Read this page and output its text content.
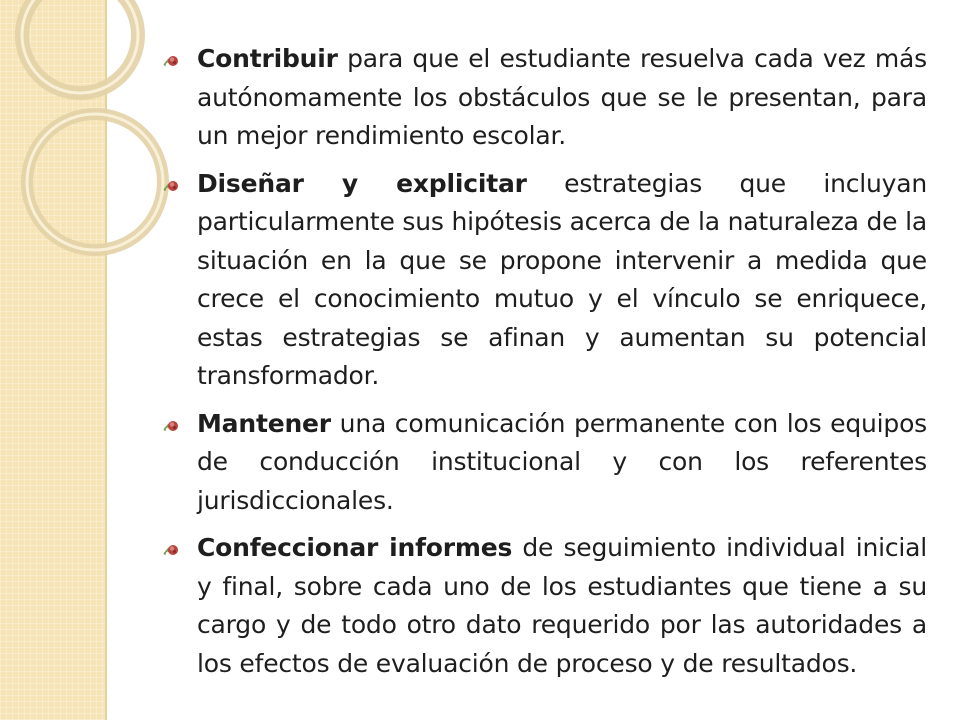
Contribuir para que el estudiante resuelva cada vez más autónomamente los obstáculos que se le presentan, para un mejor rendimiento escolar.
Diseñar y explicitar estrategias que incluyan particularmente sus hipótesis acerca de la naturaleza de la situación en la que se propone intervenir a medida que crece el conocimiento mutuo y el vínculo se enriquece, estas estrategias se afinan y aumentan su potencial transformador.
Mantener una comunicación permanente con los equipos de conducción institucional y con los referentes jurisdiccionales.
Confeccionar informes de seguimiento individual inicial y final, sobre cada uno de los estudiantes que tiene a su cargo y de todo otro dato requerido por las autoridades a los efectos de evaluación de proceso y de resultados.
